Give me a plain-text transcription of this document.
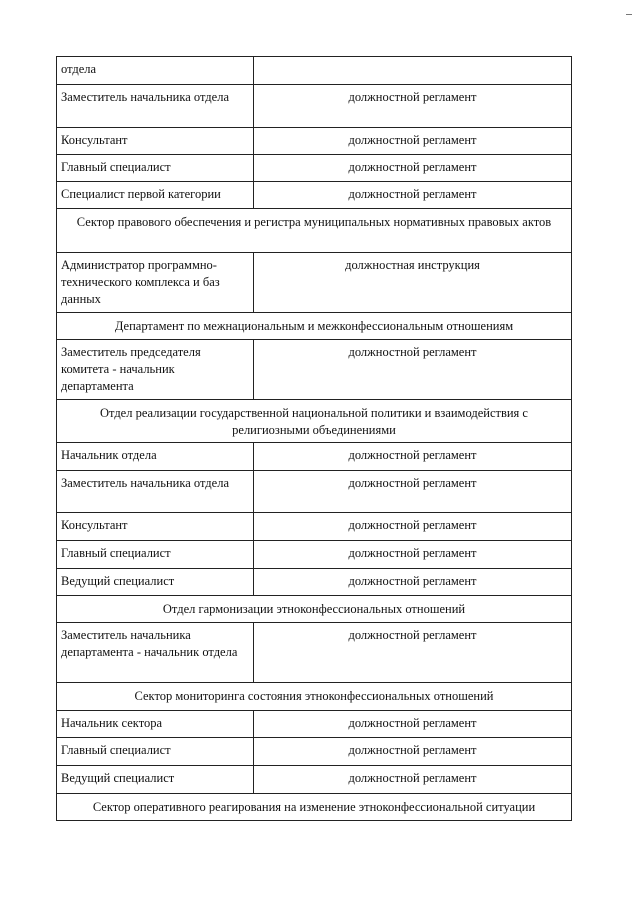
отдела	
Заместитель начальника отдела	должностной регламент
Консультант	должностной регламент
Главный специалист	должностной регламент
Специалист первой категории	должностной регламент
Сектор правового обеспечения и регистра муниципальных нормативных правовых актов	
Администратор программно-технического комплекса и баз данных	должностная инструкция
Департамент по межнациональным и межконфессиональным отношениям	
Заместитель председателя комитета - начальник департамента	должностной регламент
Отдел реализации государственной национальной политики и взаимодействия с религиозными объединениями	
Начальник отдела	должностной регламент
Заместитель начальника отдела	должностной регламент
Консультант	должностной регламент
Главный специалист	должностной регламент
Ведущий специалист	должностной регламент
Отдел гармонизации этноконфессиональных отношений	
Заместитель начальника департамента - начальник отдела	должностной регламент
Сектор мониторинга состояния этноконфессиональных отношений	
Начальник сектора	должностной регламент
Главный специалист	должностной регламент
Ведущий специалист	должностной регламент
Сектор оперативного реагирования на изменение этноконфессиональной ситуации	
